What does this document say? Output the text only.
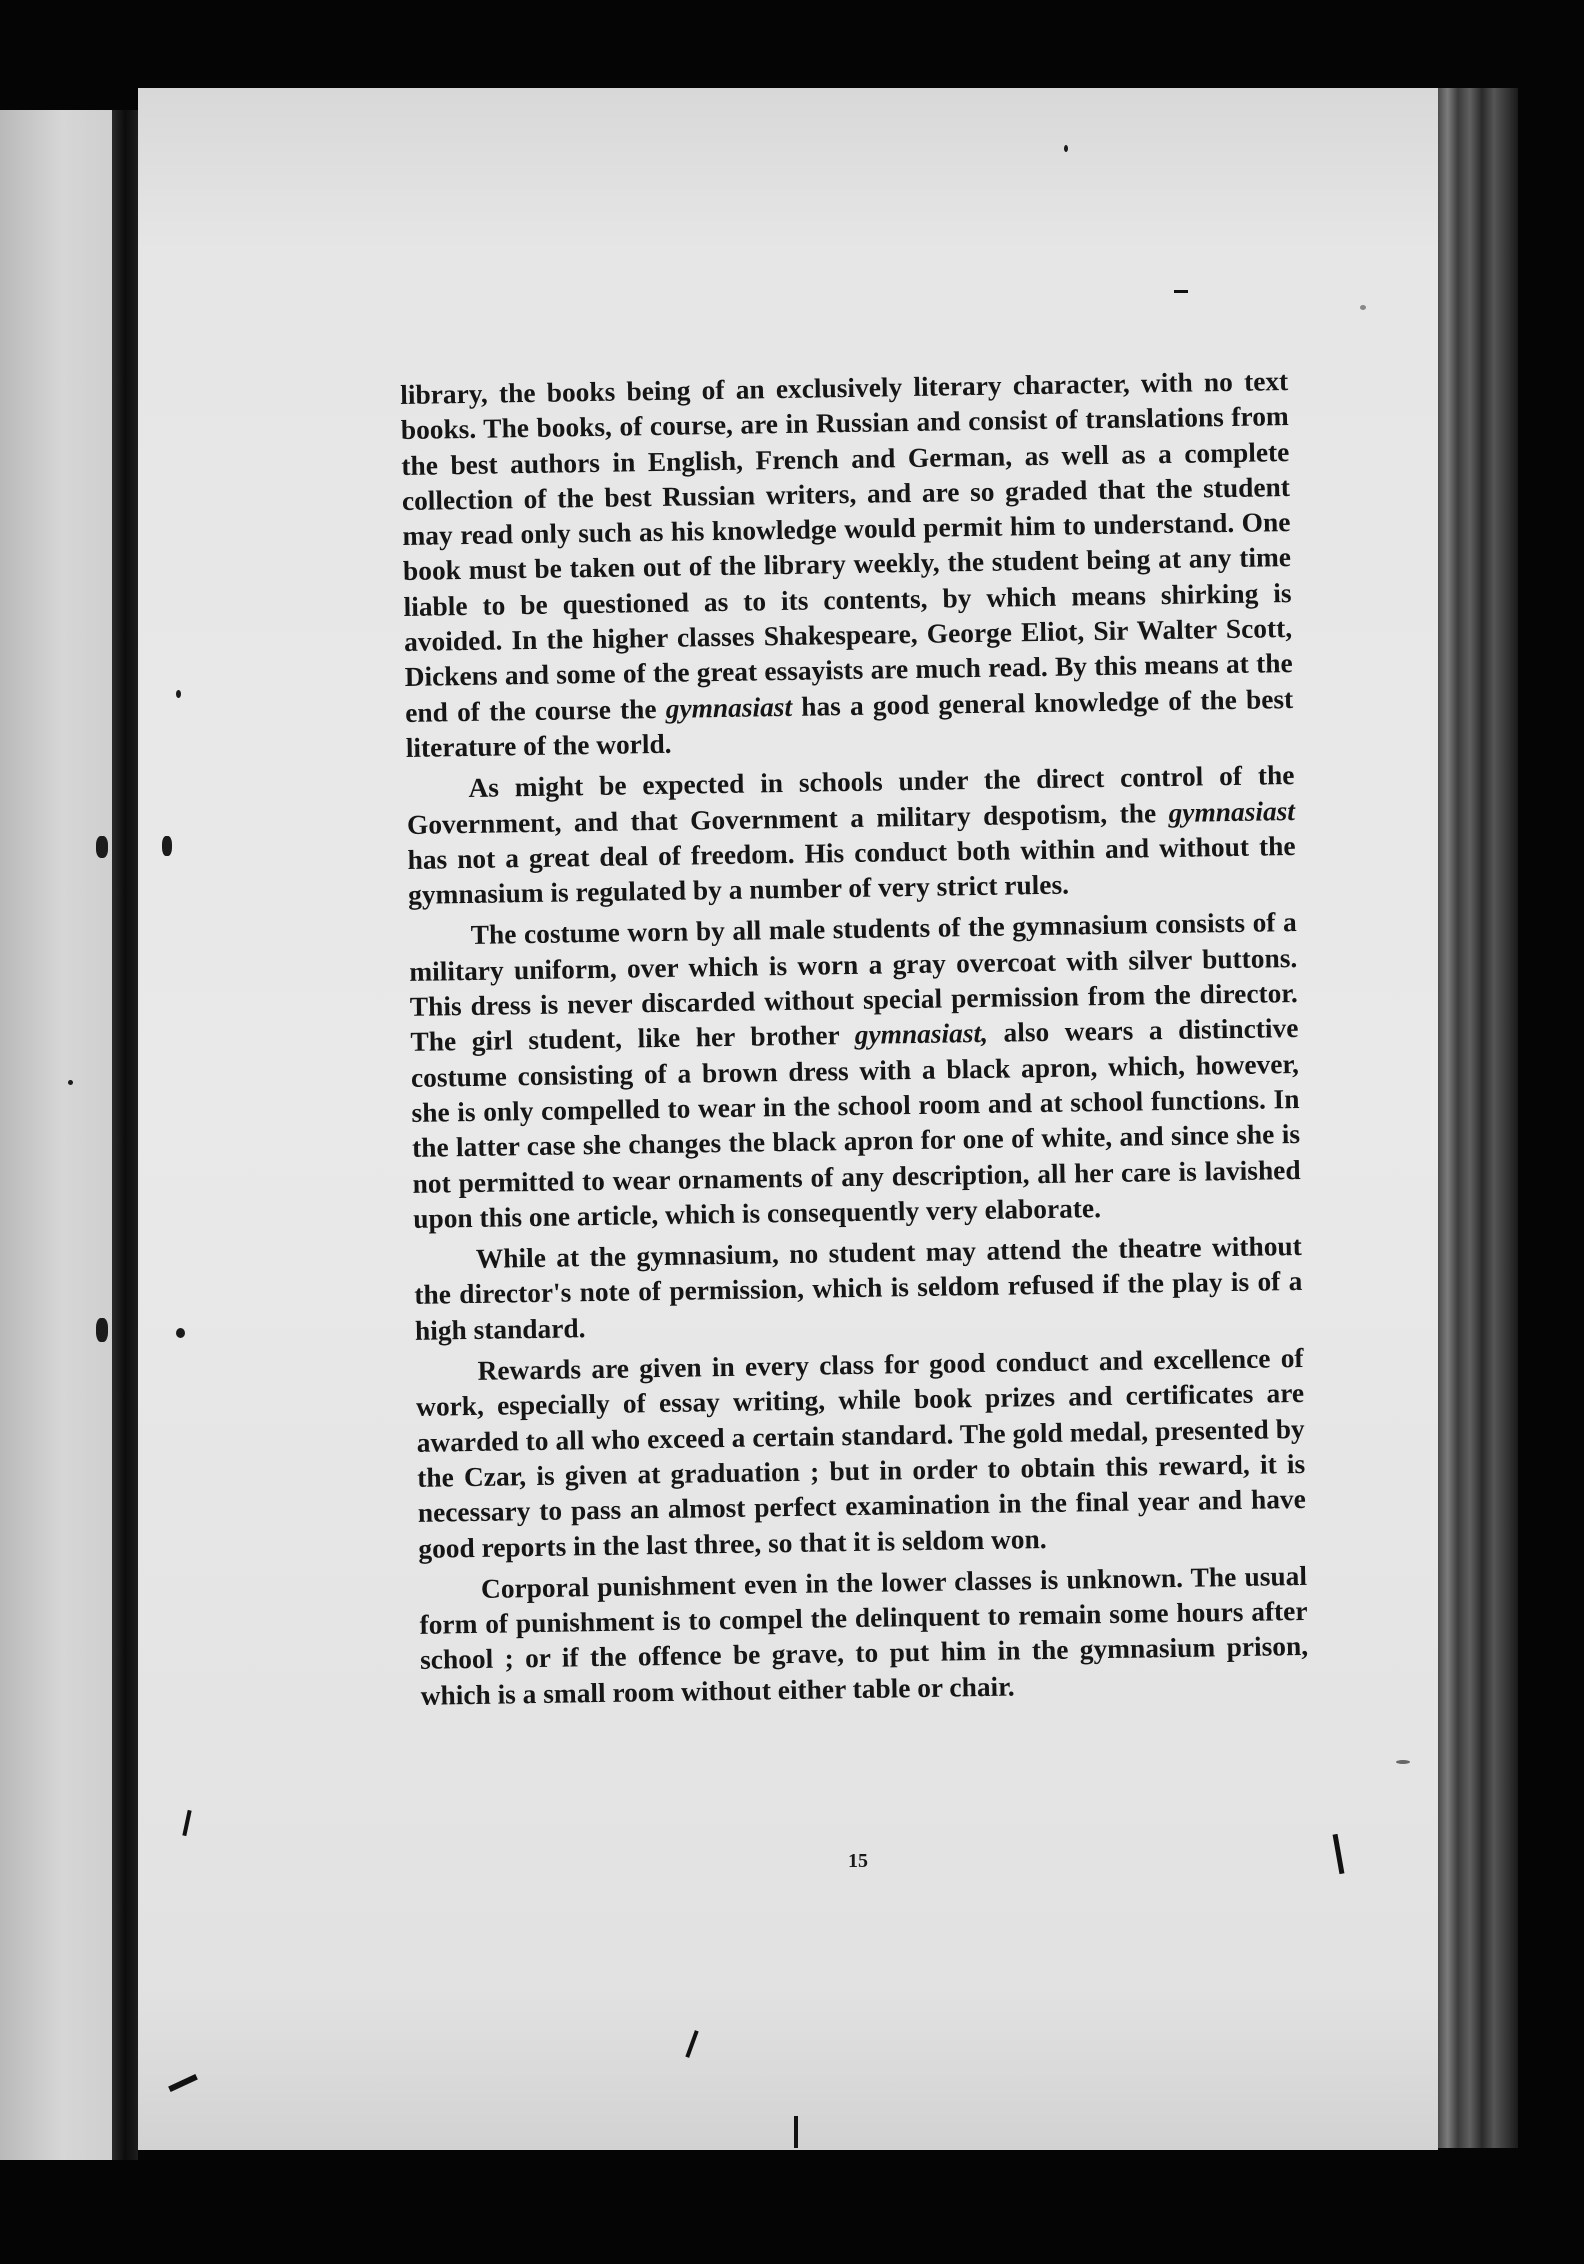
library, the books being of an exclusively literary character, with no text books. The books, of course, are in Russian and consist of translations from the best authors in English, French and German, as well as a complete collection of the best Russian writers, and are so graded that the student may read only such as his knowledge would permit him to understand. One book must be taken out of the library weekly, the student being at any time liable to be questioned as to its contents, by which means shirking is avoided. In the higher classes Shakespeare, George Eliot, Sir Walter Scott, Dickens and some of the great essayists are much read. By this means at the end of the course the gymnasiast has a good general knowledge of the best literature of the world.

As might be expected in schools under the direct control of the Government, and that Government a military despotism, the gymnasiast has not a great deal of freedom. His conduct both within and without the gymnasium is regulated by a number of very strict rules.

The costume worn by all male students of the gymnasium consists of a military uniform, over which is worn a gray overcoat with silver buttons. This dress is never discarded without special permission from the director. The girl student, like her brother gymnasiast, also wears a distinctive costume consisting of a brown dress with a black apron, which, however, she is only compelled to wear in the school room and at school functions. In the latter case she changes the black apron for one of white, and since she is not permitted to wear ornaments of any description, all her care is lavished upon this one article, which is consequently very elaborate.

While at the gymnasium, no student may attend the theatre without the director's note of permission, which is seldom refused if the play is of a high standard.

Rewards are given in every class for good conduct and excellence of work, especially of essay writing, while book prizes and certificates are awarded to all who exceed a certain standard. The gold medal, presented by the Czar, is given at graduation ; but in order to obtain this reward, it is necessary to pass an almost perfect examination in the final year and have good reports in the last three, so that it is seldom won.

Corporal punishment even in the lower classes is unknown. The usual form of punishment is to compel the delinquent to remain some hours after school ; or if the offence be grave, to put him in the gymnasium prison, which is a small room without either table or chair.

15
